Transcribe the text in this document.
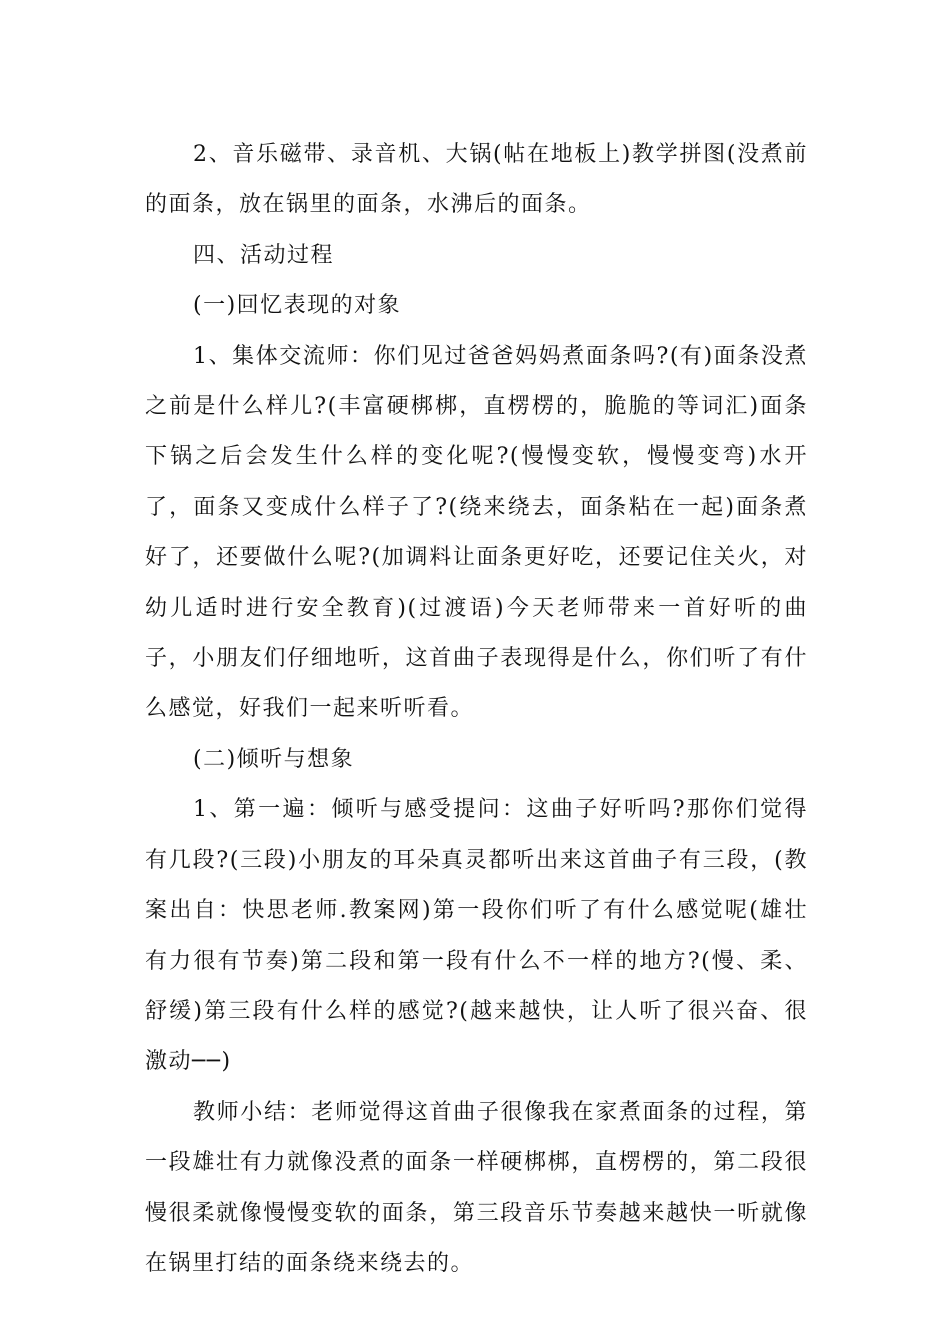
2、音乐磁带、录音机、大锅(帖在地板上)教学拼图(没煮前的面条，放在锅里的面条，水沸后的面条。

四、活动过程

(一)回忆表现的对象

1、集体交流师：你们见过爸爸妈妈煮面条吗?(有)面条没煮之前是什么样儿?(丰富硬梆梆，直楞楞的，脆脆的等词汇)面条下锅之后会发生什么样的变化呢?(慢慢变软，慢慢变弯)水开了，面条又变成什么样子了?(绕来绕去，面条粘在一起)面条煮好了，还要做什么呢?(加调料让面条更好吃，还要记住关火，对幼儿适时进行安全教育)(过渡语)今天老师带来一首好听的曲子，小朋友们仔细地听，这首曲子表现得是什么，你们听了有什么感觉，好我们一起来听听看。

(二)倾听与想象

1、第一遍：倾听与感受提问：这曲子好听吗?那你们觉得有几段?(三段)小朋友的耳朵真灵都听出来这首曲子有三段，(教案出自：快思老师.教案网)第一段你们听了有什么感觉呢(雄壮有力很有节奏)第二段和第一段有什么不一样的地方?(慢、柔、舒缓)第三段有什么样的感觉?(越来越快，让人听了很兴奋、很激动──)

教师小结：老师觉得这首曲子很像我在家煮面条的过程，第一段雄壮有力就像没煮的面条一样硬梆梆，直楞楞的，第二段很慢很柔就像慢慢变软的面条，第三段音乐节奏越来越快一听就像在锅里打结的面条绕来绕去的。
